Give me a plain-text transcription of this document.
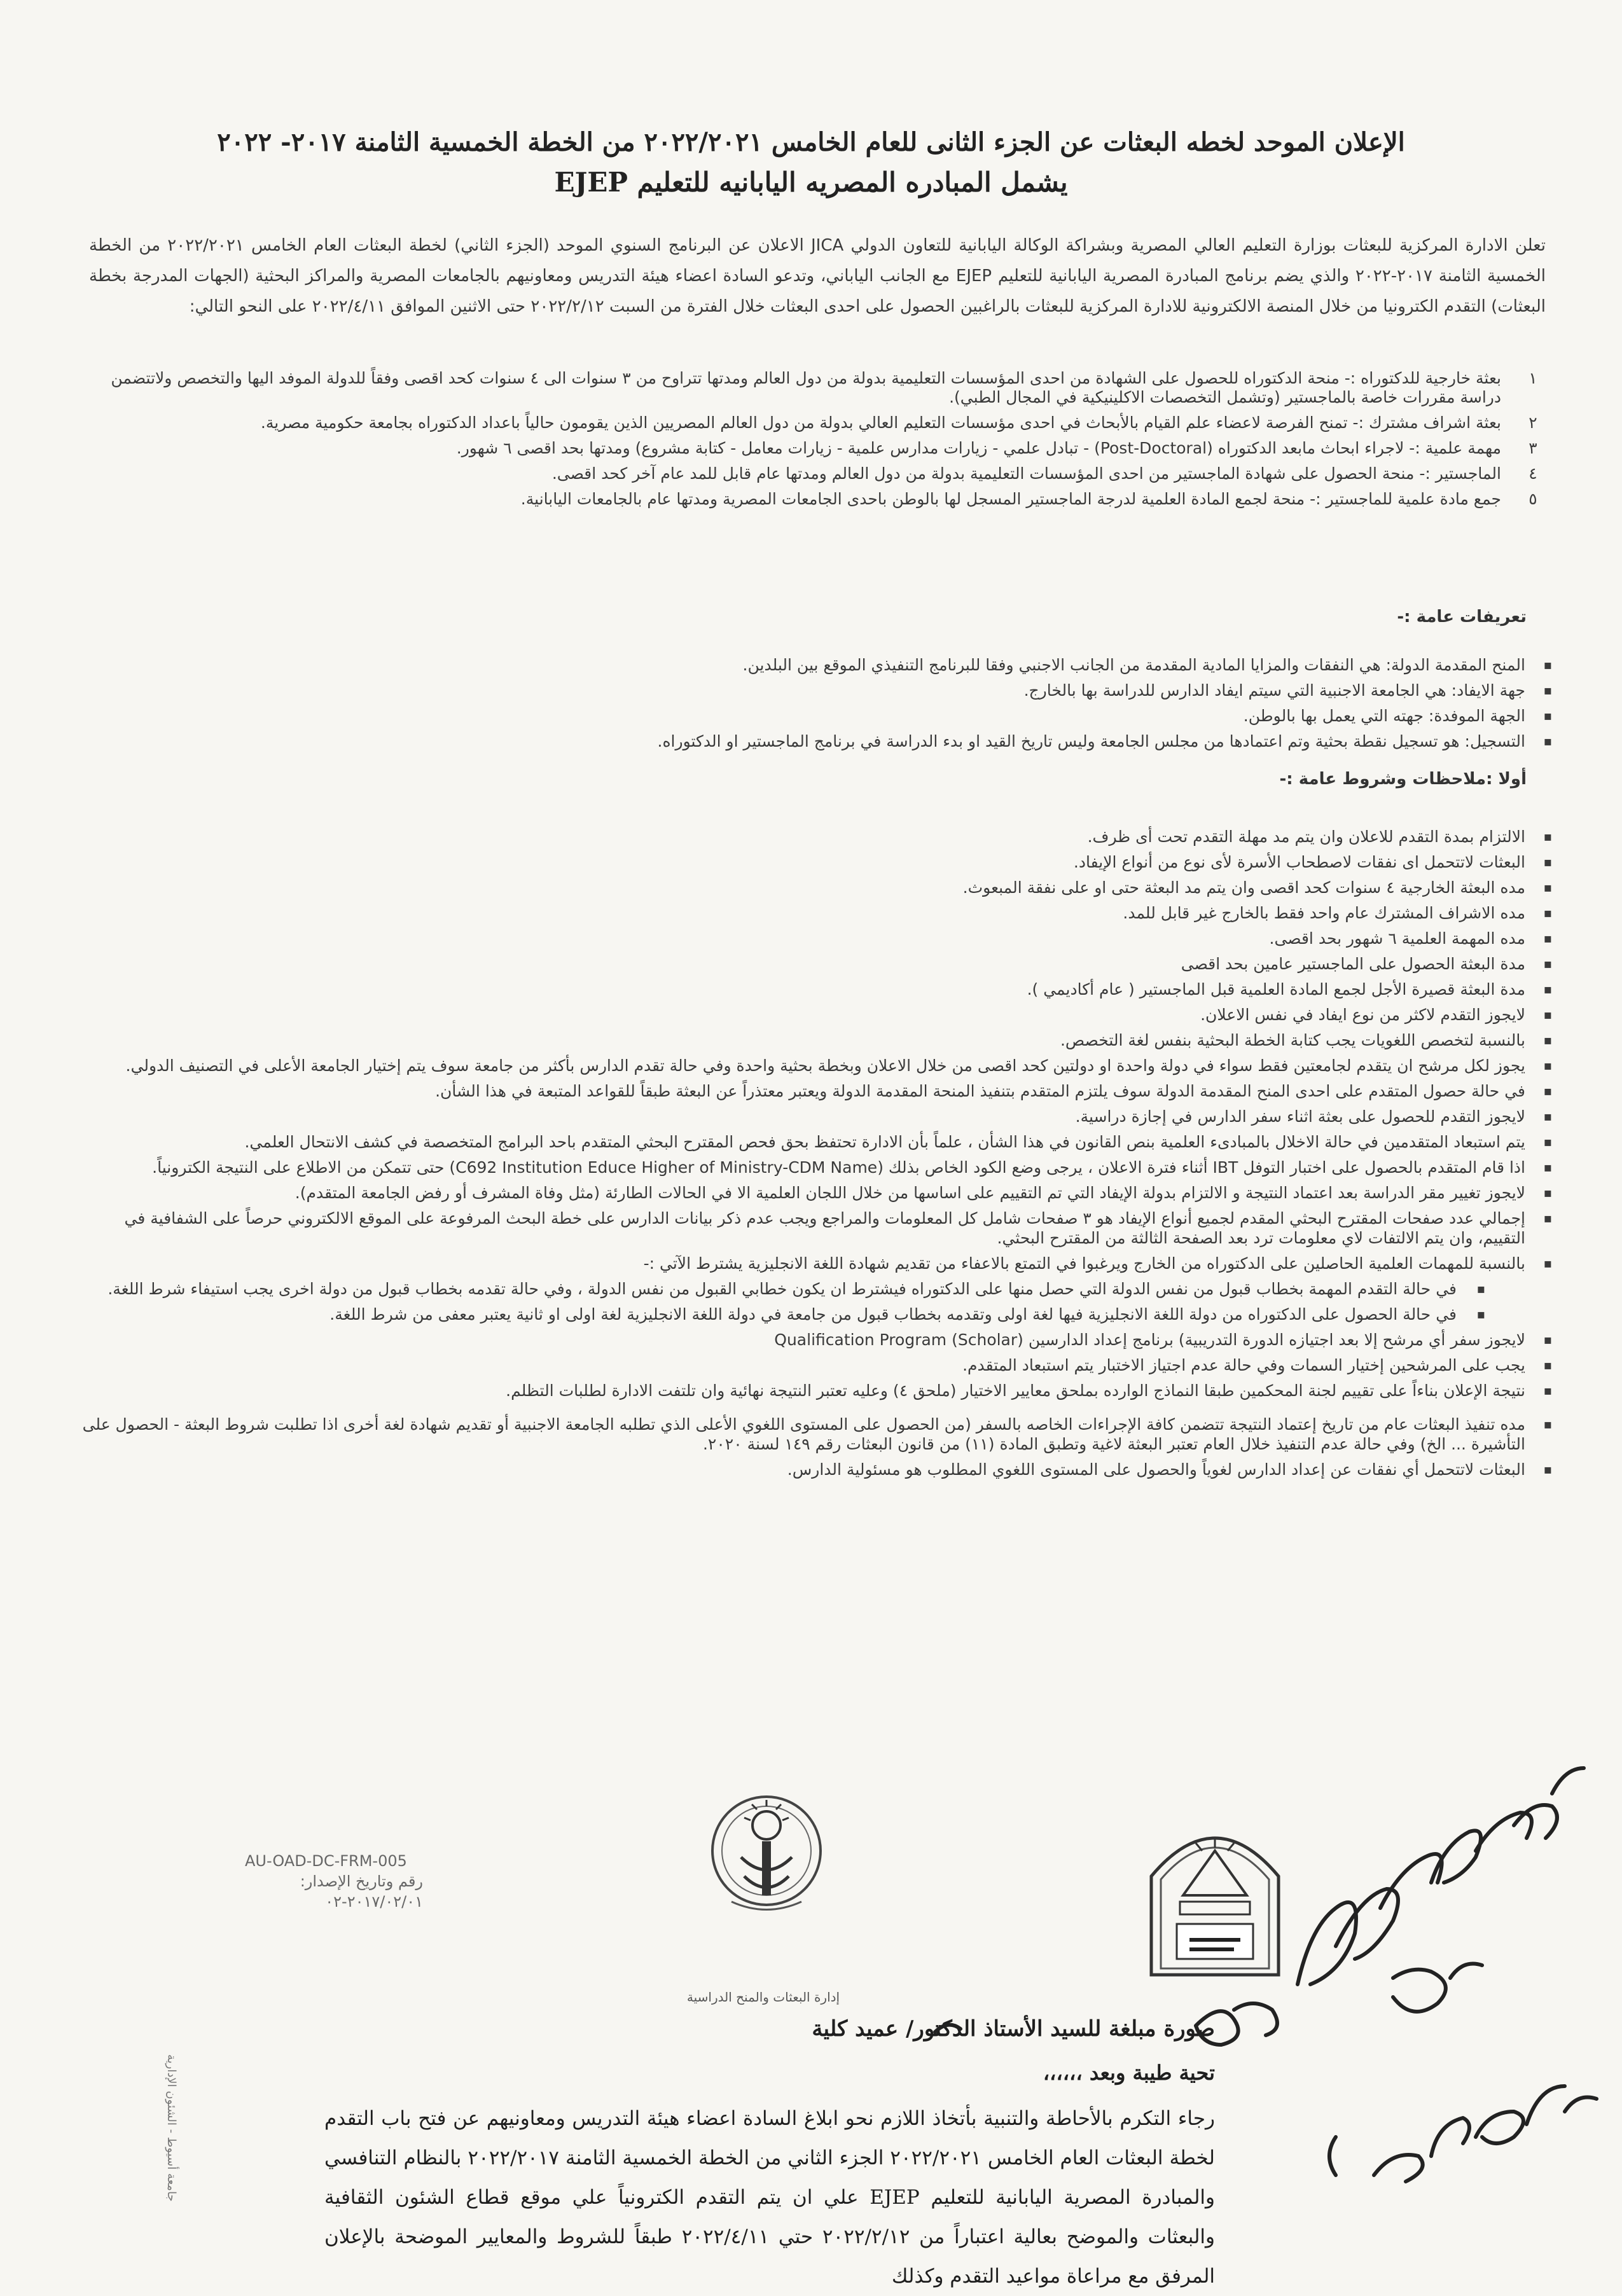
الإعلان الموحد لخطه البعثات عن الجزء الثانى للعام الخامس ٢٠٢٢/٢٠٢١ من الخطة الخمسية الثامنة ٢٠١٧- ٢٠٢٢
يشمل المبادره المصريه اليابانيه للتعليم EJEP
تعلن الادارة المركزية للبعثات بوزارة التعليم العالي المصرية وبشراكة الوكالة اليابانية للتعاون الدولي JICA الاعلان عن البرنامج السنوي الموحد (الجزء الثاني) لخطة البعثات العام الخامس ٢٠٢٢/٢٠٢١ من الخطة الخمسية الثامنة ٢٠١٧-٢٠٢٢ والذي يضم برنامج المبادرة المصرية اليابانية للتعليم EJEP مع الجانب الياباني، وتدعو السادة اعضاء هيئة التدريس ومعاونيهم بالجامعات المصرية والمراكز البحثية (الجهات المدرجة بخطة البعثات) التقدم الكترونيا من خلال المنصة الالكترونية للادارة المركزية للبعثات بالراغبين الحصول على احدى البعثات خلال الفترة من السبت ٢٠٢٢/٢/١٢ حتى الاثنين الموافق ٢٠٢٢/٤/١١ على النحو التالي:
١
بعثة خارجية للدكتوراه :- منحة الدكتوراه للحصول على الشهادة من احدى المؤسسات التعليمية بدولة من دول العالم ومدتها تتراوح من ٣ سنوات الى ٤ سنوات كحد اقصى وفقاً للدولة الموفد اليها والتخصص ولاتتضمن دراسة مقررات خاصة بالماجستير (وتشمل التخصصات الاكلينيكية في المجال الطبي).
٢
بعثة اشراف مشترك :- تمنح الفرصة لاعضاء علم القيام بالأبحاث في احدى مؤسسات التعليم العالي بدولة من دول العالم المصريين الذين يقومون حالياً باعداد الدكتوراه بجامعة حكومية مصرية.
٣
مهمة علمية :- لاجراء ابحاث مابعد الدكتوراه (Post-Doctoral) - تبادل علمي - زيارات مدارس علمية - زيارات معامل - كتابة مشروع) ومدتها بحد اقصى ٦ شهور.
٤
الماجستير :- منحة الحصول على شهادة الماجستير من احدى المؤسسات التعليمية بدولة من دول العالم ومدتها عام قابل للمد عام آخر كحد اقصى.
٥
جمع مادة علمية للماجستير :- منحة لجمع المادة العلمية لدرجة الماجستير المسجل لها بالوطن باحدى الجامعات المصرية ومدتها عام بالجامعات اليابانية.
تعريفات عامة :-
▪ المنح المقدمة الدولة: هي النفقات والمزايا المادية المقدمة من الجانب الاجنبي وفقا للبرنامج التنفيذي الموقع بين البلدين.
▪ جهة الايفاد: هي الجامعة الاجنبية التي سيتم ايفاد الدارس للدراسة بها بالخارج.
▪ الجهة الموفدة: جهته التي يعمل بها بالوطن.
▪ التسجيل: هو تسجيل نقطة بحثية وتم اعتمادها من مجلس الجامعة وليس تاريخ القيد او بدء الدراسة في برنامج الماجستير او الدكتوراه.
أولا :ملاحظات وشروط عامة :-
▪ الالتزام بمدة التقدم للاعلان وان يتم مد مهلة التقدم تحت أى ظرف.
▪ البعثات لاتتحمل اى نفقات لاصطحاب الأسرة لأى نوع من أنواع الإيفاد.
▪ مده البعثة الخارجية ٤ سنوات كحد اقصى وان يتم مد البعثة حتى او على نفقة المبعوث.
▪ مده الاشراف المشترك عام واحد فقط بالخارج غير قابل للمد.
▪ مده المهمة العلمية ٦ شهور بحد اقصى.
▪ مدة البعثة الحصول على الماجستير عامين بحد اقصى
▪ مدة البعثة قصيرة الأجل لجمع المادة العلمية قبل الماجستير ( عام أكاديمي ).
▪ لايجوز التقدم لاكثر من نوع ايفاد في نفس الاعلان.
▪ بالنسبة لتخصص اللغويات يجب كتابة الخطة البحثية بنفس لغة التخصص.
▪ يجوز لكل مرشح ان يتقدم لجامعتين فقط سواء في دولة واحدة او دولتين كحد اقصى من خلال الاعلان وبخطة بحثية واحدة وفي حالة تقدم الدارس بأكثر من جامعة سوف يتم إختيار الجامعة الأعلى في التصنيف الدولي.
▪ في حالة حصول المتقدم على احدى المنح المقدمة الدولة سوف يلتزم المتقدم بتنفيذ المنحة المقدمة الدولة ويعتبر معتذراً عن البعثة طبقاً للقواعد المتبعة في هذا الشأن.
▪ لايجوز التقدم للحصول على بعثة اثناء سفر الدارس في إجازة دراسية.
▪ يتم استبعاد المتقدمين في حالة الاخلال بالمبادىء العلمية بنص القانون في هذا الشأن ، علماً بأن الادارة تحتفظ بحق فحص المقترح البحثي المتقدم باحد البرامج المتخصصة في كشف الانتحال العلمي.
▪ اذا قام المتقدم بالحصول على اختبار التوفل IBT أثناء فترة الاعلان ، يرجى وضع الكود الخاص بذلك (C692 Institution Educe Higher of Ministry-CDM Name) حتى تتمكن من الاطلاع على النتيجة الكترونياً.
▪ لايجوز تغيير مقر الدراسة بعد اعتماد النتيجة و الالتزام بدولة الإيفاد التي تم التقييم على اساسها من خلال اللجان العلمية الا في الحالات الطارئة (مثل وفاة المشرف أو رفض الجامعة المتقدم).
▪ إجمالي عدد صفحات المقترح البحثي المقدم لجميع أنواع الإيفاد هو ٣ صفحات شامل كل المعلومات والمراجع ويجب عدم ذكر بيانات الدارس على خطة البحث المرفوعة على الموقع الالكتروني حرصاً على الشفافية في التقييم، وان يتم الالتفات لاي معلومات ترد بعد الصفحة الثالثة من المقترح البحثي.
▪ بالنسبة للمهمات العلمية الحاصلين على الدكتوراه من الخارج ويرغبوا في التمتع بالاعفاء من تقديم شهادة اللغة الانجليزية يشترط الآتي :-
▪ في حالة التقدم المهمة بخطاب قبول من نفس الدولة التي حصل منها على الدكتوراه فيشترط ان يكون خطابي القبول من نفس الدولة ، وفي حالة تقدمه بخطاب قبول من دولة اخرى يجب استيفاء شرط اللغة.
▪ في حالة الحصول على الدكتوراه من دولة اللغة الانجليزية فيها لغة اولى وتقدمه بخطاب قبول من جامعة في دولة اللغة الانجليزية لغة اولى او ثانية يعتبر معفى من شرط اللغة.
▪ لايجوز سفر أي مرشح إلا بعد اجتيازه الدورة التدريبية) برنامج إعداد الدارسين (Scholar) Qualification Program
▪ يجب على المرشحين إختيار السمات وفي حالة عدم اجتياز الاختبار يتم استبعاد المتقدم.
▪ نتيجة الإعلان بناءاً على تقييم لجنة المحكمين طبقا النماذج الوارده بملحق معايير الاختيار (ملحق ٤) وعليه تعتبر النتيجة نهائية وان تلتفت الادارة لطلبات التظلم.
▪ مده تنفيذ البعثات عام من تاريخ إعتماد النتيجة تتضمن كافة الإجراءات الخاصه بالسفر (من الحصول على المستوى اللغوي الأعلى الذي تطلبه الجامعة الاجنبية أو تقديم شهادة لغة أخرى اذا تطلبت شروط البعثة - الحصول على التأشيرة ... الخ) وفي حالة عدم التنفيذ خلال العام تعتبر البعثة لاغية وتطبق المادة (١١) من قانون البعثات رقم ١٤٩ لسنة ٢٠٢٠.
▪ البعثات لاتتحمل أي نفقات عن إعداد الدارس لغوياً والحصول على المستوى اللغوي المطلوب هو مسئولية الدارس.
AU-OAD-DC-FRM-005
رقم وتاريخ الإصدار: ٢٠١٧/٠٢/٠١-٠٢
إدارة البعثات والمنح الدراسية
جامعة أسيوط - الشئون الإدارية
صورة مبلغة للسيد الأستاذ الدكتور/ عميد كلية
تحية طيبة وبعد ،،،،،،
رجاء التكرم بالأحاطة والتنبية بأتخاذ اللازم نحو ابلاغ السادة اعضاء هيئة التدريس ومعاونيهم عن فتح باب التقدم لخطة البعثات العام الخامس ٢٠٢٢/٢٠٢١ الجزء الثاني من الخطة الخمسية الثامنة ٢٠٢٢/٢٠١٧ بالنظام التنافسي والمبادرة المصرية اليابانية للتعليم EJEP علي ان يتم التقدم الكترونياً علي موقع قطاع الشئون الثقافية والبعثات والموضح بعالية اعتباراً من ٢٠٢٢/٢/١٢ حتي ٢٠٢٢/٤/١١ طبقاً للشروط والمعايير الموضحة بالإعلان المرفق مع مراعاة مواعيد التقدم وكذلك
